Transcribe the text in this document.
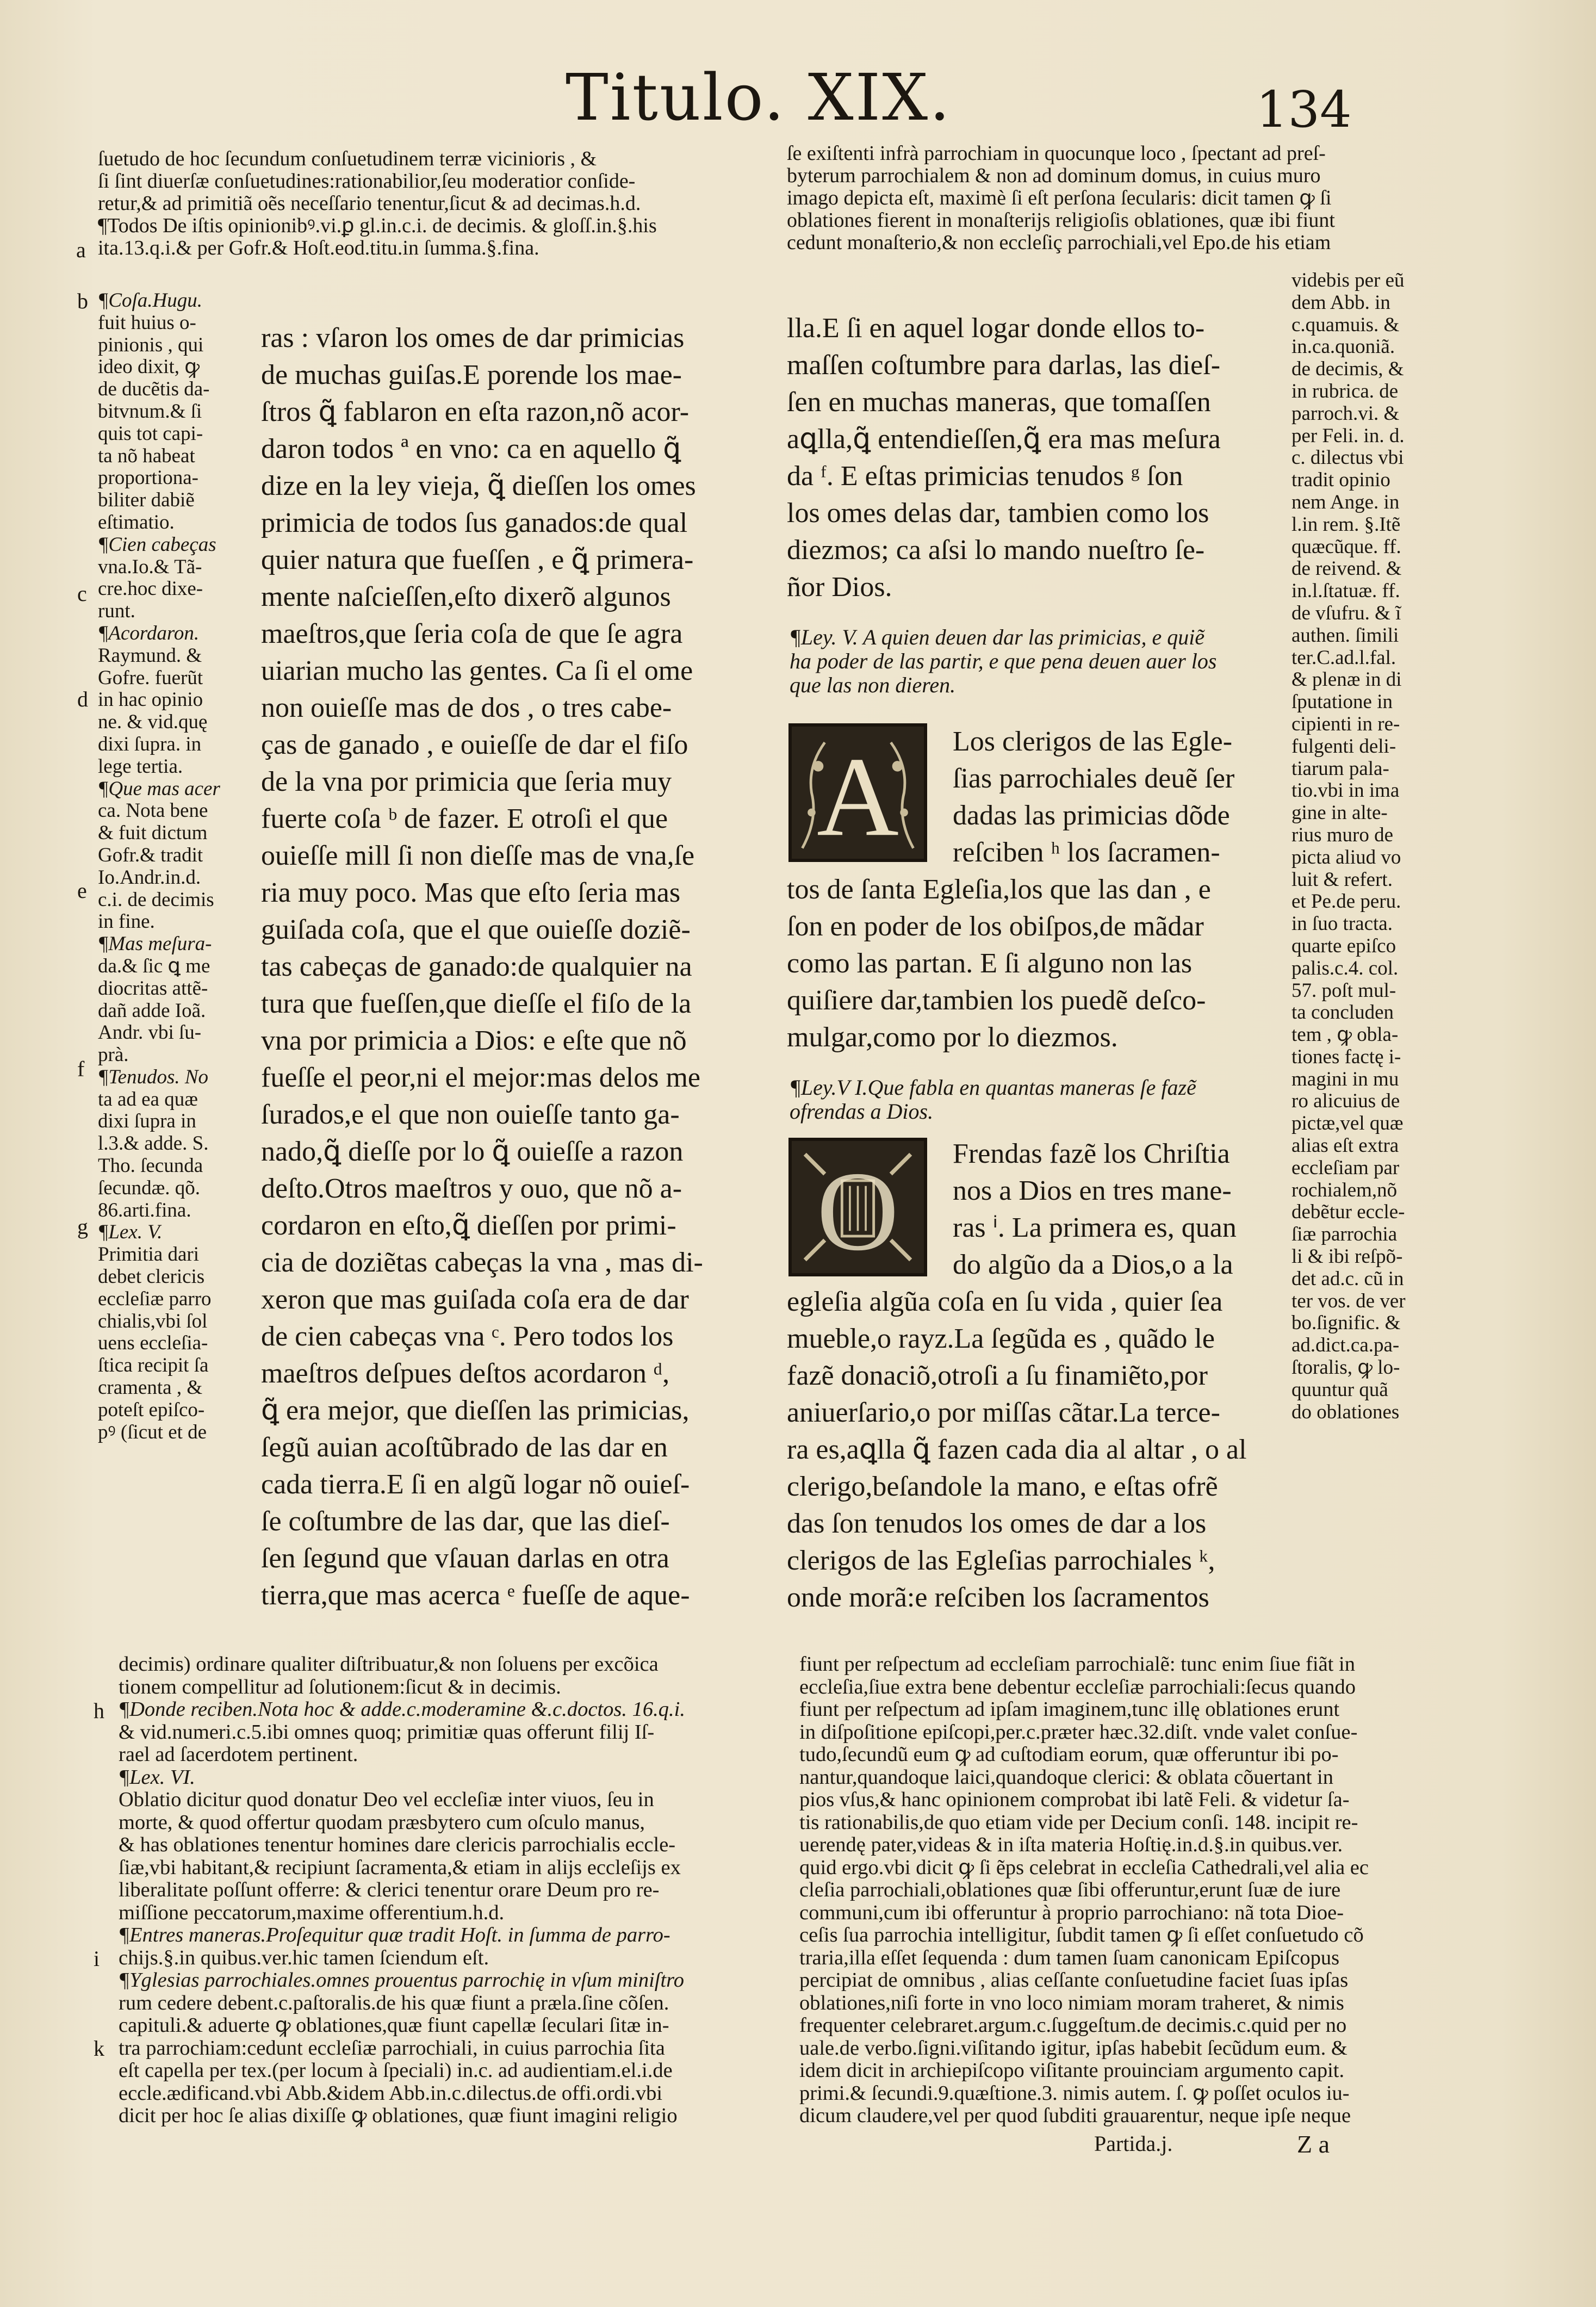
Titulo. XIX.	134
ſuetudo de hoc ſecundum conſuetudinem terræ vicinioris , &
ſi ſint diuerſæ conſuetudines:rationabilior,ſeu moderatior conſide-
retur,& ad primitiã oẽs neceſſario tenentur,ſicut & ad decimas.h.d.
¶Todos De iſtis opinionibꝰ.vi.ꝑ gl.in.c.i. de decimis. & gloſſ.in.§.his
ita.13.q.i.& per Gofr.& Hoſt.eod.titu.in ſumma.§.fina.
a
¶Coſa.Hugu.
fuit huius o-
pinionis , qui
ideo dixit, ꝙ
de ducẽtis da-
bitvnum.& ſi
quis tot capi-
ta nõ habeat
proportiona-
biliter dabiẽ
eſtimatio.
¶Cien cabeças
vna.Io.& Tã-
cre.hoc dixe-
runt.
¶Acordaron.
Raymund. &
Gofre. fuerũt
in hac opinio
ne. & vid.quę
dixi ſupra. in
lege tertia.
¶Que mas acer
ca. Nota bene
& fuit dictum
Gofr.& tradit
Io.Andr.in.d.
c.i. de decimis
in fine.
¶Mas meſura-
da.& ſic ꝗ me
diocritas attẽ-
dañ adde Ioã.
Andr. vbi ſu-
prà.
¶Tenudos. No
ta ad ea quæ
dixi ſupra in
l.3.& adde. S.
Tho. ſecunda
ſecundæ. qõ.
86.arti.fina.
¶Lex. V.
Primitia dari
debet clericis
eccleſiæ parro
chialis,vbi ſol
uens eccleſia-
ſtica recipit ſa
cramenta , &
poteſt epiſco-
pꝰ (ſicut et de
b
c
d
e
f
g
ras : vſaron los omes de dar primicias
de muchas guiſas.E porende los mae-
ſtros ꝗ̃ fablaron en eſta razon,nõ acor-
daron todos ª en vno: ca en aquello ꝗ̃
dize en la ley vieja, ꝗ̃ dieſſen los omes
primicia de todos ſus ganados:de qual
quier natura que fueſſen , e ꝗ̃ primera-
mente naſcieſſen,eſto dixerõ algunos
maeſtros,que ſeria coſa de que ſe agra
uiarian mucho las gentes. Ca ſi el ome
non ouieſſe mas de dos , o tres cabe-
ças de ganado , e ouieſſe de dar el fiſo
de la vna por primicia que ſeria muy
fuerte coſa ᵇ de fazer. E otroſi el que
ouieſſe mill ſi non dieſſe mas de vna,ſe
ria muy poco. Mas que eſto ſeria mas
guiſada coſa, que el que ouieſſe doziẽ-
tas cabeças de ganado:de qualquier na
tura que fueſſen,que dieſſe el fiſo de la
vna por primicia a Dios: e eſte que nõ
fueſſe el peor,ni el mejor:mas delos me
ſurados,e el que non ouieſſe tanto ga-
nado,ꝗ̃ dieſſe por lo ꝗ̃ ouieſſe a razon
deſto.Otros maeſtros y ouo, que nõ a-
cordaron en eſto,ꝗ̃ dieſſen por primi-
cia de doziẽtas cabeças la vna , mas di-
xeron que mas guiſada coſa era de dar
de cien cabeças vna ᶜ. Pero todos los
maeſtros deſpues deſtos acordaron ᵈ,
ꝗ̃ era mejor, que dieſſen las primicias,
ſegũ auian acoſtũbrado de las dar en
cada tierra.E ſi en algũ logar nõ ouieſ-
ſe coſtumbre de las dar, que las dieſ-
ſen ſegund que vſauan darlas en otra
tierra,que mas acerca ᵉ fueſſe de aque-
decimis) ordinare qualiter diſtribuatur,& non ſoluens per excõica
tionem compellitur ad ſolutionem:ſicut & in decimis.
¶Donde reciben.Nota hoc & adde.c.moderamine &.c.doctos. 16.q.i.
& vid.numeri.c.5.ibi omnes quoq; primitiæ quas offerunt filij Iſ-
rael ad ſacerdotem pertinent.
¶Lex. VI.
Oblatio dicitur quod donatur Deo vel eccleſiæ inter viuos, ſeu in
morte, & quod offertur quodam præsbytero cum oſculo manus,
& has oblationes tenentur homines dare clericis parrochialis eccle-
ſiæ,vbi habitant,& recipiunt ſacramenta,& etiam in alijs eccleſijs ex
liberalitate poſſunt offerre: & clerici tenentur orare Deum pro re-
miſſione peccatorum,maxime offerentium.h.d.
¶Entres maneras.Proſequitur quæ tradit Hoſt. in ſumma de parro-
chijs.§.in quibus.ver.hic tamen ſciendum eſt.
¶Yglesias parrochiales.omnes prouentus parrochię in vſum miniſtro
rum cedere debent.c.paſtoralis.de his quæ fiunt a præla.ſine cõſen.
capituli.& aduerte ꝙ oblationes,quæ fiunt capellæ ſeculari ſitæ in-
tra parrochiam:cedunt eccleſiæ parrochiali, in cuius parrochia ſita
eſt capella per tex.(per locum à ſpeciali) in.c. ad audientiam.el.i.de
eccle.ædificand.vbi Abb.&idem Abb.in.c.dilectus.de offi.ordi.vbi
dicit per hoc ſe alias dixiſſe ꝙ oblationes, quæ fiunt imagini religio
h
i
k
ſe exiſtenti infrà parrochiam in quocunque loco , ſpectant ad preſ-
byterum parrochialem & non ad dominum domus, in cuius muro
imago depicta eſt, maximè ſi eſt perſona ſecularis: dicit tamen ꝙ ſi
oblationes fierent in monaſterijs religioſis oblationes, quæ ibi fiunt
cedunt monaſterio,& non eccleſiç parrochiali,vel Epo.de his etiam
lla.E ſi en aquel logar donde ellos to-
maſſen coſtumbre para darlas, las dieſ-
ſen en muchas maneras, que tomaſſen
aꝗlla,ꝗ̃ entendieſſen,ꝗ̃ era mas meſura
da ᶠ. E eſtas primicias tenudos ᵍ ſon
los omes delas dar, tambien como los
diezmos; ca aſsi lo mando nueſtro ſe-
ñor Dios.
¶Ley. V. A quien deuen dar las primicias, e quiẽ
ha poder de las partir, e que pena deuen auer los
que las non dieren.
A Los clerigos de las Egle-
ſias parrochiales deuẽ ſer
dadas las primicias dõde
reſciben ʰ los ſacramen-
tos de ſanta Egleſia,los que las dan , e
ſon en poder de los obiſpos,de mãdar
como las partan. E ſi alguno non las
quiſiere dar,tambien los puedẽ deſco-
mulgar,como por lo diezmos.
¶Ley.V I.Que fabla en quantas maneras ſe fazẽ
ofrendas a Dios.
O Frendas fazẽ los Chriſtia
nos a Dios en tres mane-
ras ⁱ. La primera es, quan
do algũo da a Dios,o a la
egleſia algũa coſa en ſu vida , quier ſea
mueble,o rayz.La ſegũda es , quãdo le
fazẽ donaciõ,otroſi a ſu finamiẽto,por
aniuerſario,o por miſſas cãtar.La terce-
ra es,aꝗlla ꝗ̃ fazen cada dia al altar , o al
clerigo,beſandole la mano, e eſtas ofrẽ
das ſon tenudos los omes de dar a los
clerigos de las Egleſias parrochiales ᵏ,
onde morã:e reſciben los ſacramentos
videbis per eũ
dem Abb. in
c.quamuis. &
in.ca.quoniã.
de decimis, &
in rubrica. de
parroch.vi. &
per Feli. in. d.
c. dilectus vbi
tradit opinio
nem Ange. in
l.in rem. §.Itẽ
quæcũque. ff.
de reivend. &
in.l.ſtatuæ. ff.
de vſufru. & ĩ
authen. ſimili
ter.C.ad.l.fal.
& plenæ in di
ſputatione in
cipienti in re-
fulgenti deli-
tiarum pala-
tio.vbi in ima
gine in alte-
rius muro de
picta aliud vo
luit & refert.
et Pe.de peru.
in ſuo tracta.
quarte epiſco
palis.c.4. col.
57. poſt mul-
ta concluden
tem , ꝙ obla-
tiones factę i-
magini in mu
ro alicuius de
pictæ,vel quæ
alias eſt extra
eccleſiam par
rochialem,nõ
debẽtur eccle-
ſiæ parrochia
li & ibi reſpõ-
det ad.c. cũ in
ter vos. de ver
bo.ſignific. &
ad.dict.ca.pa-
ſtoralis, ꝙ lo-
quuntur quã
do oblationes
fiunt per reſpectum ad eccleſiam parrochialẽ: tunc enim ſiue fiãt in
eccleſia,ſiue extra bene debentur eccleſiæ parrochiali:ſecus quando
fiunt per reſpectum ad ipſam imaginem,tunc illę oblationes erunt
in diſpoſitione epiſcopi,per.c.præter hæc.32.diſt. vnde valet conſue-
tudo,ſecundũ eum ꝙ ad cuſtodiam eorum, quæ offeruntur ibi po-
nantur,quandoque laici,quandoque clerici: & oblata cõuertant in
pios vſus,& hanc opinionem comprobat ibi latẽ Feli. & videtur ſa-
tis rationabilis,de quo etiam vide per Decium conſi. 148. incipit re-
uerendę pater,videas & in iſta materia Hoſtię.in.d.§.in quibus.ver.
quid ergo.vbi dicit ꝙ ſi ẽps celebrat in eccleſia Cathedrali,vel alia ec
cleſia parrochiali,oblationes quæ ſibi offeruntur,erunt ſuæ de iure
communi,cum ibi offeruntur à proprio parrochiano: nã tota Dioe-
ceſis ſua parrochia intelligitur, ſubdit tamen ꝙ ſi eſſet conſuetudo cõ
traria,illa eſſet ſequenda : dum tamen ſuam canonicam Epiſcopus
percipiat de omnibus , alias ceſſante conſuetudine faciet ſuas ipſas
oblationes,niſi forte in vno loco nimiam moram traheret, & nimis
frequenter celebraret.argum.c.ſuggeſtum.de decimis.c.quid per no
uale.de verbo.ſigni.viſitando igitur, ipſas habebit ſecũdum eum. &
idem dicit in archiepiſcopo viſitante prouinciam argumento capit.
primi.& ſecundi.9.quæſtione.3. nimis autem. ſ. ꝙ poſſet oculos iu-
dicum claudere,vel per quod ſubditi grauarentur, neque ipſe neque
Partida.j.	Z a
